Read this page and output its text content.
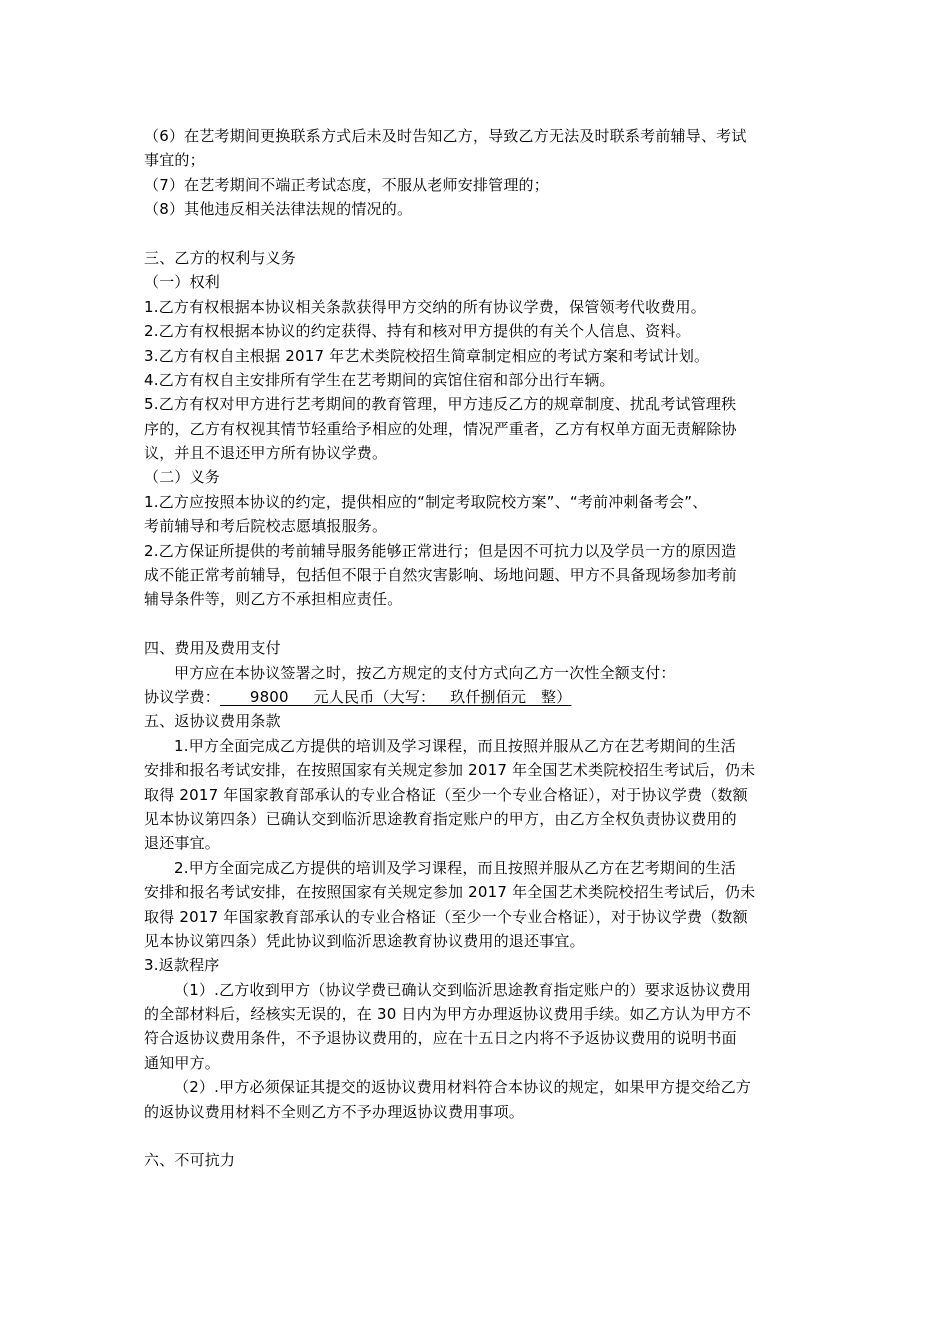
（6）在艺考期间更换联系方式后未及时告知乙方，导致乙方无法及时联系考前辅导、考试
事宜的；
（7）在艺考期间不端正考试态度，不服从老师安排管理的；
（8）其他违反相关法律法规的情况的。
三、乙方的权利与义务
（一）权利
1.乙方有权根据本协议相关条款获得甲方交纳的所有协议学费，保管领考代收费用。
2.乙方有权根据本协议的约定获得、持有和核对甲方提供的有关个人信息、资料。
3.乙方有权自主根据 2017 年艺术类院校招生简章制定相应的考试方案和考试计划。
4.乙方有权自主安排所有学生在艺考期间的宾馆住宿和部分出行车辆。
5.乙方有权对甲方进行艺考期间的教育管理，甲方违反乙方的规章制度、扰乱考试管理秩
序的，乙方有权视其情节轻重给予相应的处理，情况严重者，乙方有权单方面无责解除协
议，并且不退还甲方所有协议学费。
（二）义务
1.乙方应按照本协议的约定，提供相应的“制定考取院校方案”、“考前冲刺备考会”、
考前辅导和考后院校志愿填报服务。
2.乙方保证所提供的考前辅导服务能够正常进行；但是因不可抗力以及学员一方的原因造
成不能正常考前辅导，包括但不限于自然灾害影响、场地问题、甲方不具备现场参加考前
辅导条件等，则乙方不承担相应责任。
四、费用及费用支付
甲方应在本协议签署之时，按乙方规定的支付方式向乙方一次性全额支付：
协议学费：      9800     元人民币（大写：   玖仟捌佰元   整）
五、返协议费用条款
1.甲方全面完成乙方提供的培训及学习课程，而且按照并服从乙方在艺考期间的生活
安排和报名考试安排，在按照国家有关规定参加 2017 年全国艺术类院校招生考试后，仍未
取得 2017 年国家教育部承认的专业合格证（至少一个专业合格证），对于协议学费（数额
见本协议第四条）已确认交到临沂思途教育指定账户的甲方，由乙方全权负责协议费用的
退还事宜。
2.甲方全面完成乙方提供的培训及学习课程，而且按照并服从乙方在艺考期间的生活
安排和报名考试安排，在按照国家有关规定参加 2017 年全国艺术类院校招生考试后，仍未
取得 2017 年国家教育部承认的专业合格证（至少一个专业合格证），对于协议学费（数额
见本协议第四条）凭此协议到临沂思途教育协议费用的退还事宜。
3.返款程序
（1）.乙方收到甲方（协议学费已确认交到临沂思途教育指定账户的）要求返协议费用
的全部材料后，经核实无误的，在 30 日内为甲方办理返协议费用手续。如乙方认为甲方不
符合返协议费用条件，不予退协议费用的，应在十五日之内将不予返协议费用的说明书面
通知甲方。
（2）.甲方必须保证其提交的返协议费用材料符合本协议的规定，如果甲方提交给乙方
的返协议费用材料不全则乙方不予办理返协议费用事项。
六、不可抗力
